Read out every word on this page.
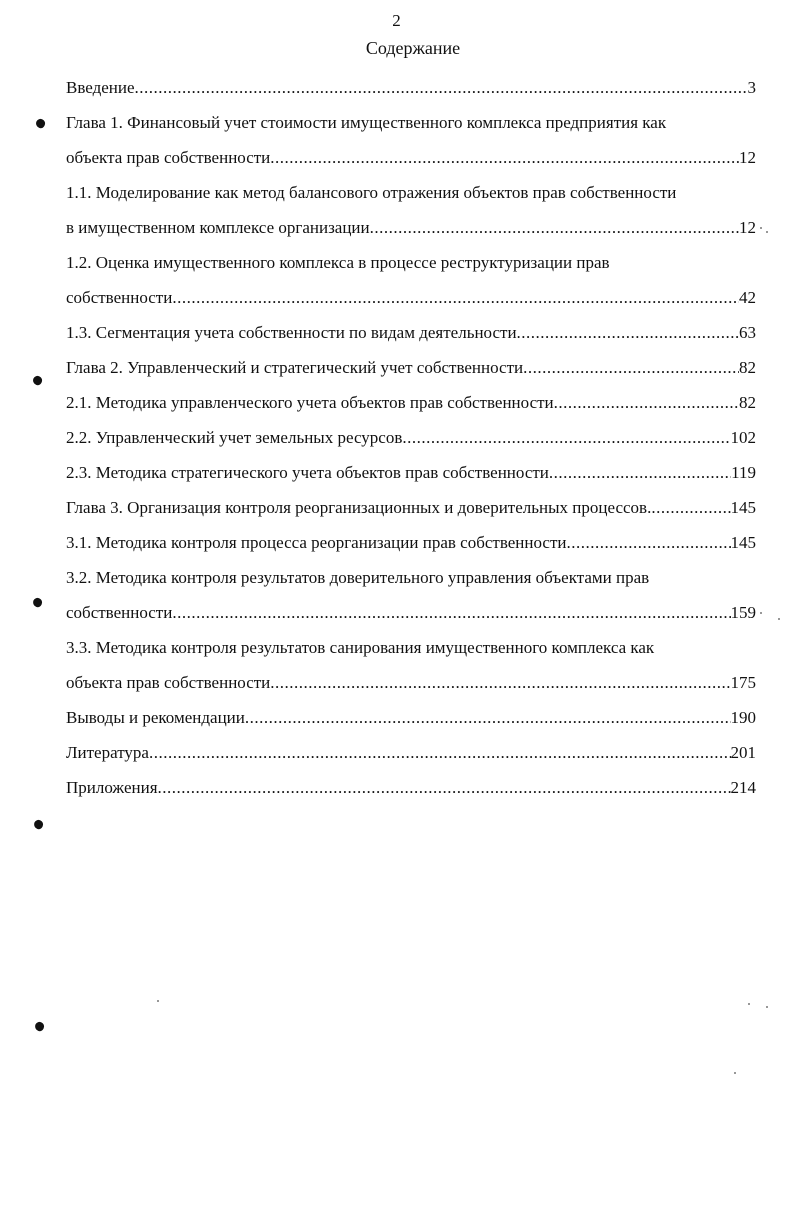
2
Содержание
Введение .....	3
Глава 1. Финансовый учет стоимости имущественного комплекса предприятия как
объекта прав собственности .....	12
1.1. Моделирование как метод балансового отражения объектов прав собственности
в имущественном комплексе организации .....	12
1.2. Оценка имущественного комплекса в процессе реструктуризации прав
собственности .....	42
1.3. Сегментация учета собственности по видам деятельности .....	63
Глава 2. Управленческий и стратегический учет собственности .....	82
2.1. Методика управленческого учета объектов прав собственности .....	82
2.2. Управленческий учет земельных ресурсов .....	102
2.3. Методика стратегического учета объектов прав собственности .....	119
Глава 3. Организация контроля реорганизационных и доверительных процессов. .....	145
3.1. Методика контроля процесса реорганизации прав собственности .....	145
3.2. Методика контроля результатов доверительного управления объектами прав
собственности .....	159
3.3. Методика контроля результатов санирования имущественного комплекса как
объекта прав собственности .....	175
Выводы и рекомендации .....	190
Литература .....	201
Приложения .....	214
